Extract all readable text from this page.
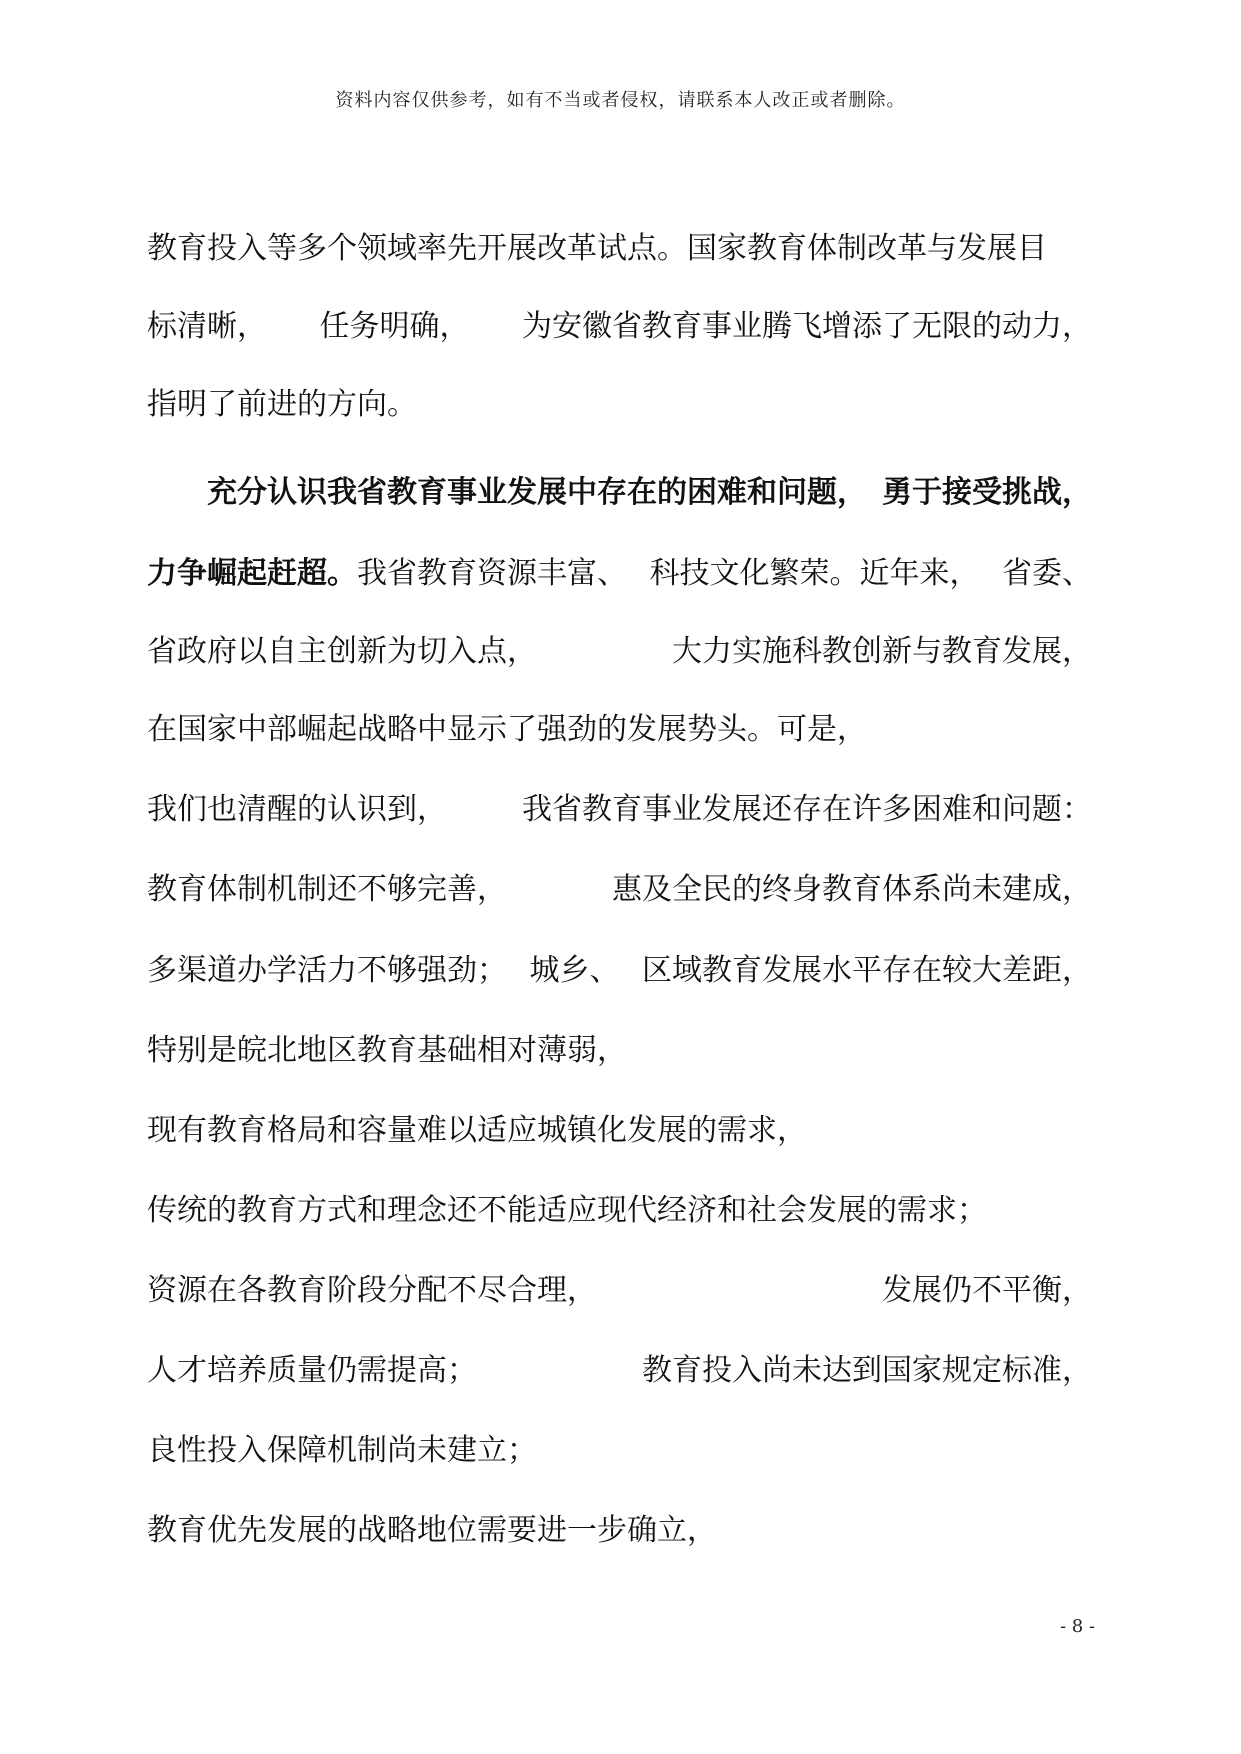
资料内容仅供参考，如有不当或者侵权，请联系本人改正或者删除。
教育投入等多个领域率先开展改革试点。国家教育体制改革与发展目
标清晰， 任务明确， 为安徽省教育事业腾飞增添了无限的动力，
指明了前进的方向。
充分认识我省教育事业发展中存在的困难和问题， 勇于接受挑战，
力争崛起赶超。我省教育资源丰富、 科技文化繁荣。近年来， 省委、
省政府以自主创新为切入点，	大力实施科教创新与教育发展，
在国家中部崛起战略中显示了强劲的发展势头。可是，
我们也清醒的认识到，	我省教育事业发展还存在许多困难和问题：
教育体制机制还不够完善，	惠及全民的终身教育体系尚未建成，
多渠道办学活力不够强劲； 城乡、 区域教育发展水平存在较大差距，
特别是皖北地区教育基础相对薄弱，
现有教育格局和容量难以适应城镇化发展的需求，
传统的教育方式和理念还不能适应现代经济和社会发展的需求；
资源在各教育阶段分配不尽合理，	发展仍不平衡，
人才培养质量仍需提高；	教育投入尚未达到国家规定标准，
良性投入保障机制尚未建立；
教育优先发展的战略地位需要进一步确立，
- 8 -
